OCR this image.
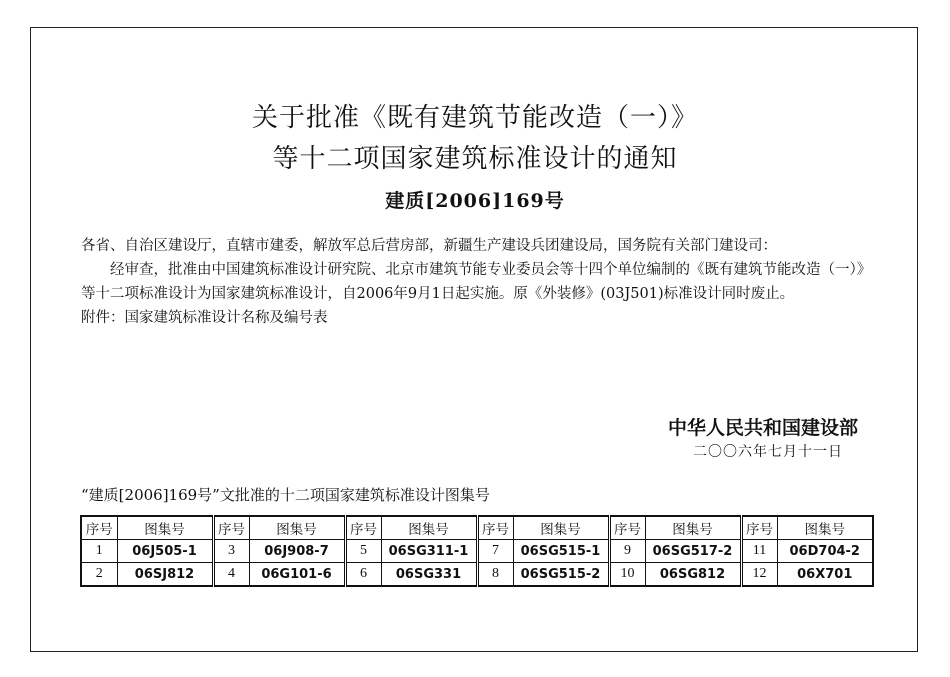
关于批准《既有建筑节能改造（一）》
等十二项国家建筑标准设计的通知
建质[2006]169号

各省、自治区建设厅，直辖市建委，解放军总后营房部，新疆生产建设兵团建设局，国务院有关部门建设司：

经审查，批准由中国建筑标准设计研究院、北京市建筑节能专业委员会等十四个单位编制的《既有建筑节能改造（一）》等十二项标准设计为国家建筑标准设计，自2006年9月1日起实施。原《外装修》(03J501)标准设计同时废止。

附件：国家建筑标准设计名称及编号表

中华人民共和国建设部
二〇〇六年七月十一日
“建质[2006]169号”文批准的十二项国家建筑标准设计图集号
序号	图集号	序号	图集号	序号	图集号	序号	图集号	序号	图集号	序号	图集号
1	06J505-1	3	06J908-7	5	06SG311-1	7	06SG515-1	9	06SG517-2	11	06D704-2
2	06SJ812	4	06G101-6	6	06SG331	8	06SG515-2	10	06SG812	12	06X701
